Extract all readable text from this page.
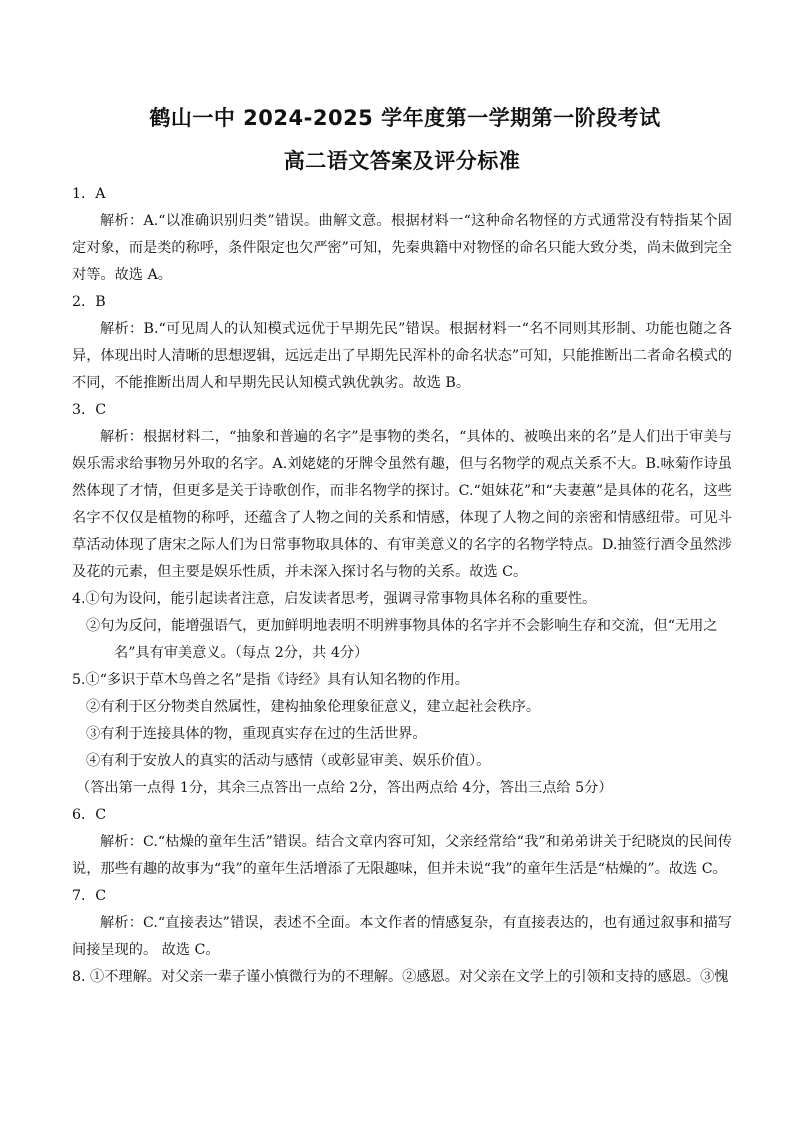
鹤山一中 2024-2025 学年度第一学期第一阶段考试
高二语文答案及评分标准

1．A

解析：A.“以准确识别归类”错误。曲解文意。根据材料一“这种命名物怪的方式通常没有特指某个固定对象，而是类的称呼，条件限定也欠严密”可知，先秦典籍中对物怪的命名只能大致分类，尚未做到完全对等。故选 A。

2．B

解析：B.“可见周人的认知模式远优于早期先民”错误。根据材料一“名不同则其形制、功能也随之各异，体现出时人清晰的思想逻辑，远远走出了早期先民浑朴的命名状态”可知，只能推断出二者命名模式的不同，不能推断出周人和早期先民认知模式孰优孰劣。故选 B。

3．C

解析：根据材料二，“抽象和普遍的名字”是事物的类名，“具体的、被唤出来的名”是人们出于审美与娱乐需求给事物另外取的名字。A.刘姥姥的牙牌令虽然有趣，但与名物学的观点关系不大。B.咏菊作诗虽然体现了才情，但更多是关于诗歌创作，而非名物学的探讨。C.“姐妹花”和“夫妻蕙”是具体的花名，这些名字不仅仅是植物的称呼，还蕴含了人物之间的关系和情感，体现了人物之间的亲密和情感纽带。可见斗草活动体现了唐宋之际人们为日常事物取具体的、有审美意义的名字的名物学特点。D.抽签行酒令虽然涉及花的元素，但主要是娱乐性质，并未深入探讨名与物的关系。故选 C。

4.①句为设问，能引起读者注意，启发读者思考，强调寻常事物具体名称的重要性。

②句为反问，能增强语气，更加鲜明地表明不明辨事物具体的名字并不会影响生存和交流，但“无用之名”具有审美意义。（每点 2分，共 4分）

5.①“多识于草木鸟兽之名”是指《诗经》具有认知名物的作用。

②有利于区分物类自然属性，建构抽象伦理象征意义，建立起社会秩序。

③有利于连接具体的物，重现真实存在过的生活世界。

④有利于安放人的真实的活动与感情（或彰显审美、娱乐价值）。

（答出第一点得 1分，其余三点答出一点给 2分，答出两点给 4分，答出三点给 5分）

6．C

解析：C.“枯燥的童年生活”错误。结合文章内容可知，父亲经常给“我”和弟弟讲关于纪晓岚的民间传说，那些有趣的故事为“我”的童年生活增添了无限趣味，但并未说“我”的童年生活是“枯燥的”。故选 C。

7．C

解析：C.“直接表达”错误，表述不全面。本文作者的情感复杂，有直接表达的，也有通过叙事和描写间接呈现的。 故选 C。

8. ①不理解。对父亲一辈子谨小慎微行为的不理解。②感恩。对父亲在文学上的引领和支持的感恩。③愧
